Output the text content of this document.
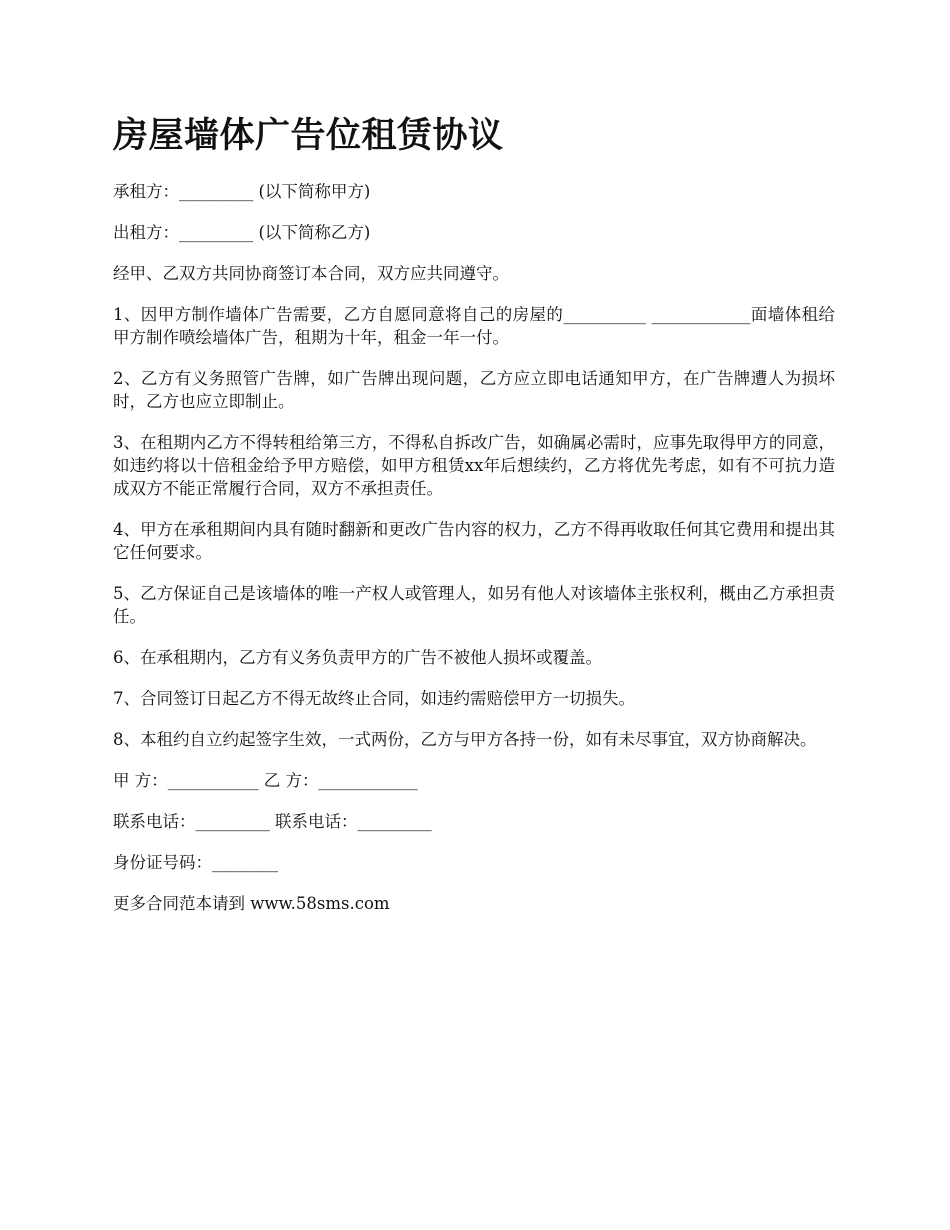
房屋墙体广告位租赁协议

承租方：_________ (以下简称甲方)

出租方：_________ (以下简称乙方)

经甲、乙双方共同协商签订本合同，双方应共同遵守。

1、因甲方制作墙体广告需要，乙方自愿同意将自己的房屋的__________ ____________面墙体租给甲方制作喷绘墙体广告，租期为十年，租金一年一付。

2、乙方有义务照管广告牌，如广告牌出现问题，乙方应立即电话通知甲方，在广告牌遭人为损坏时，乙方也应立即制止。

3、在租期内乙方不得转租给第三方，不得私自拆改广告，如确属必需时，应事先取得甲方的同意，如违约将以十倍租金给予甲方赔偿，如甲方租赁xx年后想续约，乙方将优先考虑，如有不可抗力造成双方不能正常履行合同，双方不承担责任。

4、甲方在承租期间内具有随时翻新和更改广告内容的权力，乙方不得再收取任何其它费用和提出其它任何要求。

5、乙方保证自己是该墙体的唯一产权人或管理人，如另有他人对该墙体主张权利，概由乙方承担责任。

6、在承租期内，乙方有义务负责甲方的广告不被他人损坏或覆盖。

7、合同签订日起乙方不得无故终止合同，如违约需赔偿甲方一切损失。

8、本租约自立约起签字生效，一式两份，乙方与甲方各持一份，如有未尽事宜，双方协商解决。

甲 方：___________ 乙 方：____________

联系电话：_________ 联系电话：_________

身份证号码：________

更多合同范本请到 www.58sms.com
